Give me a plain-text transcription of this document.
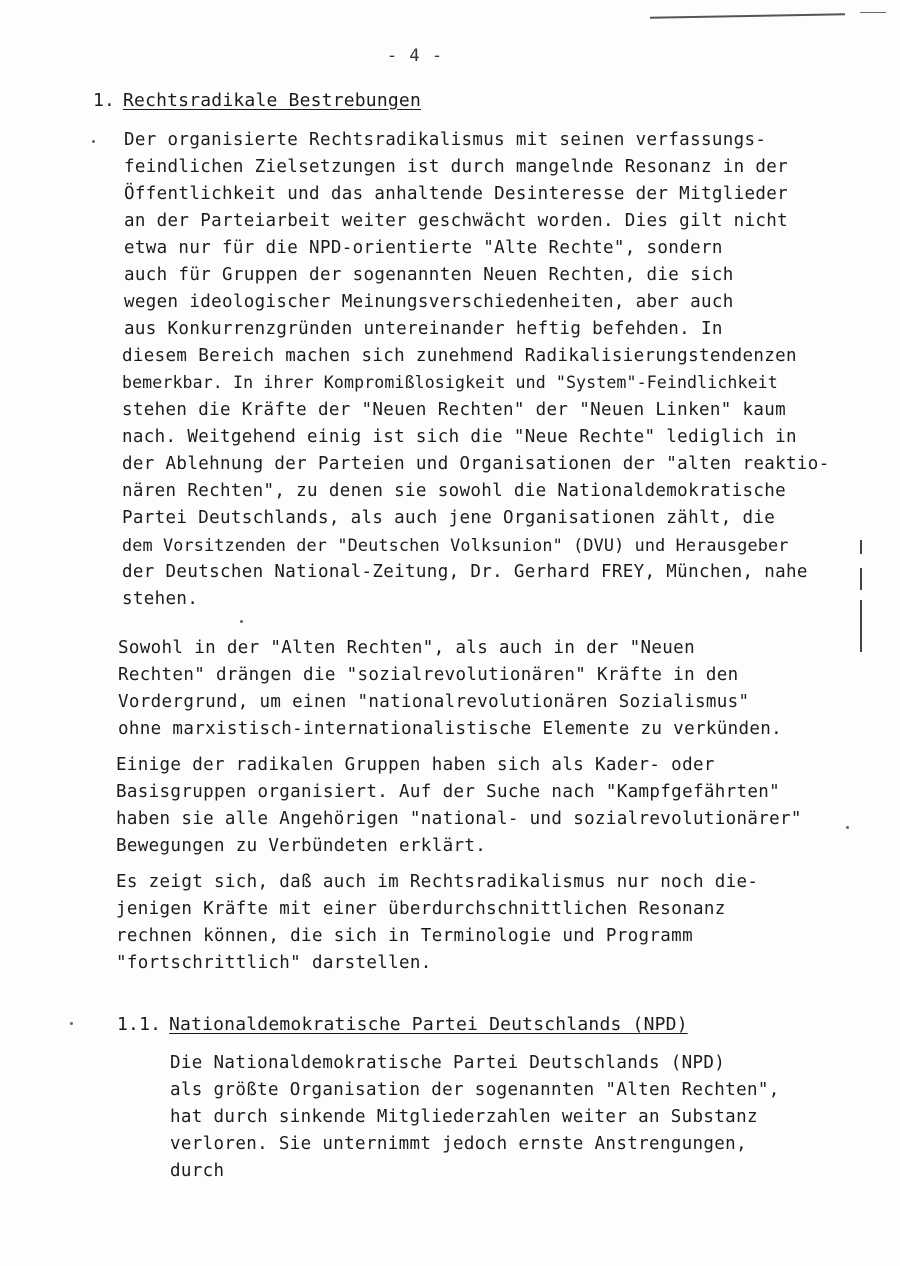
- 4 -
1. Rechtsradikale Bestrebungen
Der organisierte Rechtsradikalismus mit seinen verfassungs-
feindlichen Zielsetzungen ist durch mangelnde Resonanz in der
Öffentlichkeit und das anhaltende Desinteresse der Mitglieder
an der Parteiarbeit weiter geschwächt worden. Dies gilt nicht
etwa nur für die NPD-orientierte "Alte Rechte", sondern
auch für Gruppen der sogenannten Neuen Rechten, die sich
wegen ideologischer Meinungsverschiedenheiten, aber auch
aus Konkurrenzgründen untereinander heftig befehden. In
diesem Bereich machen sich zunehmend Radikalisierungstendenzen
bemerkbar. In ihrer Kompromißlosigkeit und "System"-Feindlichkeit
stehen die Kräfte der "Neuen Rechten" der "Neuen Linken" kaum
nach. Weitgehend einig ist sich die "Neue Rechte" lediglich in
der Ablehnung der Parteien und Organisationen der "alten reaktio-
nären Rechten", zu denen sie sowohl die Nationaldemokratische
Partei Deutschlands, als auch jene Organisationen zählt, die
dem Vorsitzenden der "Deutschen Volksunion" (DVU) und Herausgeber
der Deutschen National-Zeitung, Dr. Gerhard FREY, München, nahe
stehen.
Sowohl in der "Alten Rechten", als auch in der "Neuen
Rechten" drängen die "sozialrevolutionären" Kräfte in den
Vordergrund, um einen "nationalrevolutionären Sozialismus"
ohne marxistisch-internationalistische Elemente zu verkünden.
Einige der radikalen Gruppen haben sich als Kader- oder
Basisgruppen organisiert. Auf der Suche nach "Kampfgefährten"
haben sie alle Angehörigen "national- und sozialrevolutionärer"
Bewegungen zu Verbündeten erklärt.
Es zeigt sich, daß auch im Rechtsradikalismus nur noch die-
jenigen Kräfte mit einer überdurchschnittlichen Resonanz
rechnen können, die sich in Terminologie und Programm
"fortschrittlich" darstellen.
1.1. Nationaldemokratische Partei Deutschlands (NPD)
Die Nationaldemokratische Partei Deutschlands (NPD)
als größte Organisation der sogenannten "Alten Rechten",
hat durch sinkende Mitgliederzahlen weiter an Substanz
verloren. Sie unternimmt jedoch ernste Anstrengungen,
durch
